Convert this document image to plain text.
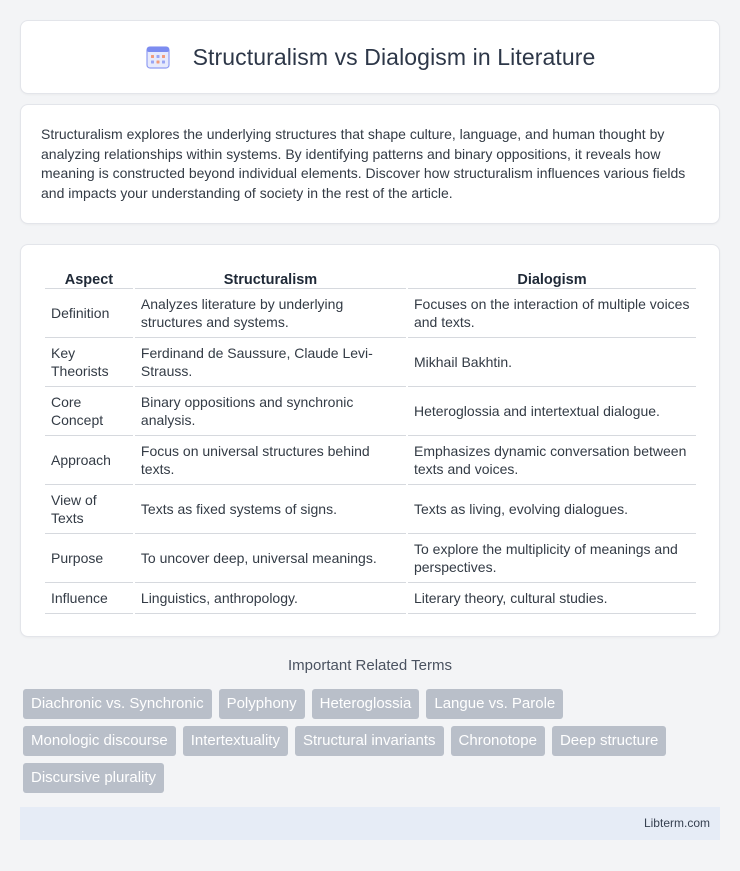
Structuralism vs Dialogism in Literature

Structuralism explores the underlying structures that shape culture, language, and human thought by analyzing relationships within systems. By identifying patterns and binary oppositions, it reveals how meaning is constructed beyond individual elements. Discover how structuralism influences various fields and impacts your understanding of society in the rest of the article.

Aspect	Structuralism	Dialogism
Definition	Analyzes literature by underlying structures and systems.	Focuses on the interaction of multiple voices and texts.
Key Theorists	Ferdinand de Saussure, Claude Levi-Strauss.	Mikhail Bakhtin.
Core Concept	Binary oppositions and synchronic analysis.	Heteroglossia and intertextual dialogue.
Approach	Focus on universal structures behind texts.	Emphasizes dynamic conversation between texts and voices.
View of Texts	Texts as fixed systems of signs.	Texts as living, evolving dialogues.
Purpose	To uncover deep, universal meanings.	To explore the multiplicity of meanings and perspectives.
Influence	Linguistics, anthropology.	Literary theory, cultural studies.
Important Related Terms
Diachronic vs. Synchronic	Polyphony	Heteroglossia	Langue vs. Parole
Monologic discourse	Intertextuality	Structural invariants	Chronotope	Deep structure
Discursive plurality
Libterm.com
